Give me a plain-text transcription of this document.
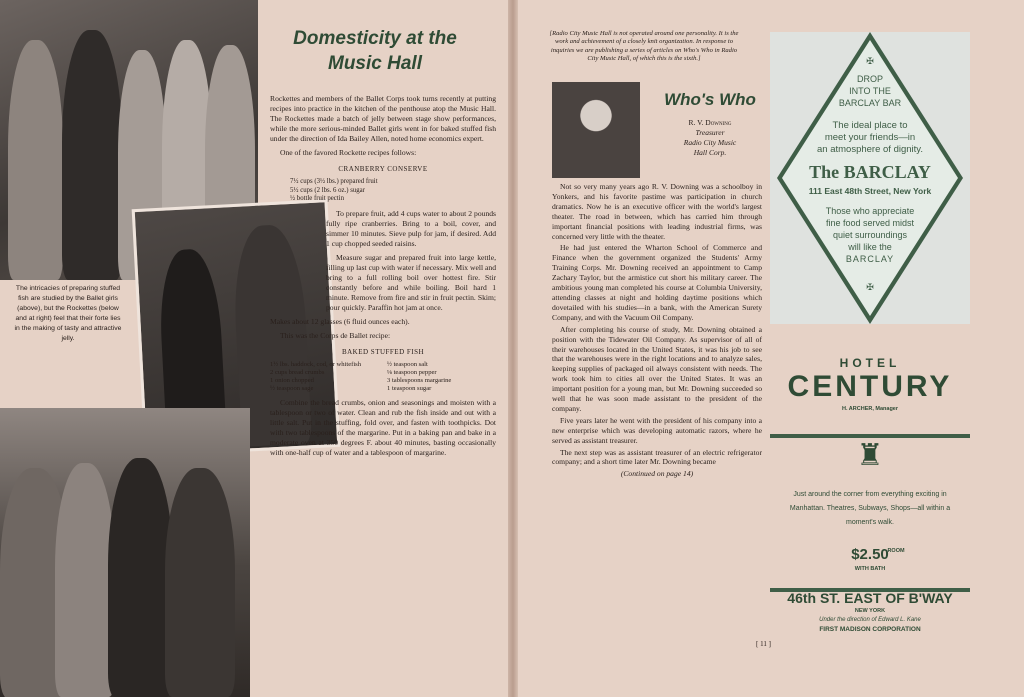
The intricacies of preparing stuffed fish are studied by the Ballet girls (above), but the Rockettes (below and at right) feel that their forte lies in the making of tasty and attractive jelly.
Domesticity at the
Music Hall

Rockettes and members of the Ballet Corps took turns recently at putting recipes into practice in the kitchen of the penthouse atop the Music Hall. The Rockettes made a batch of jelly between stage show performances, while the more serious-minded Ballet girls went in for baked stuffed fish under the direction of Ida Bailey Allen, noted home economics expert.

One of the favored Rockette recipes follows:

CRANBERRY CONSERVE
7½ cups (3½ lbs.) prepared fruit
5½ cups (2 lbs. 6 oz.) sugar
½ bottle fruit pectin

To prepare fruit, add 4 cups water to about 2 pounds fully ripe cranberries. Bring to a boil, cover, and simmer 10 minutes. Sieve pulp for jam, if desired. Add 1 cup chopped seeded raisins.

Measure sugar and prepared fruit into large kettle, filling up last cup with water if necessary. Mix well and bring to a full rolling boil over hottest fire. Stir constantly before and while boiling. Boil hard 1 minute. Remove from fire and stir in fruit pectin. Skim; pour quickly. Paraffin hot jam at once.

Makes about 12 glasses (6 fluid ounces each).

This was the Corps de Ballet recipe:

BAKED STUFFED FISH
1½ lbs. haddock, cod, or whitefish
2 cups bread crumbs
1 onion chopped
½ teaspoon sage
½ teaspoon salt
⅛ teaspoon pepper
3 tablespoons margarine
1 teaspoon sugar

Combine the bread crumbs, onion and seasonings and moisten with a tablespoon or two of water. Clean and rub the fish inside and out with a little salt. Put in the stuffing, fold over, and fasten with toothpicks. Dot with two tablespoons of the margarine. Put in a baking pan and bake in a moderate oven at 350 degrees F. about 40 minutes, basting occasionally with one-half cup of water and a tablespoon of margarine.

[Radio City Music Hall is not operated around one personality. It is the work and achievement of a closely knit organization. In response to inquiries we are publishing a series of articles on Who's Who in Radio City Music Hall, of which this is the sixth.]
Who's Who
R. V. Downing
Treasurer
Radio City Music
Hall Corp.

Not so very many years ago R. V. Downing was a schoolboy in Yonkers, and his favorite pastime was participation in church dramatics. Now he is an executive officer with the world's largest theater. The road in between, which has carried him through important financial positions with leading industrial firms, was concerned very little with the theater.

He had just entered the Wharton School of Commerce and Finance when the government organized the Students' Army Training Corps. Mr. Downing received an appointment to Camp Zachary Taylor, but the armistice cut short his military career. The ambitious young man completed his course at Columbia University, attending classes at night and holding daytime positions which dovetailed with his studies—in a bank, with the American Surety Company, and with the Vacuum Oil Company.

After completing his course of study, Mr. Downing obtained a position with the Tidewater Oil Company. As supervisor of all of their warehouses located in the United States, it was his job to see that the warehouses were in the right locations and to analyze sales, keeping supplies of packaged oil always consistent with needs. The work took him to cities all over the United States. It was an important position for a young man, but Mr. Downing succeeded so well that he was soon made assistant to the president of the company.

Five years later he went with the president of his company into a new enterprise which was developing automatic razors, where he served as assistant treasurer.

The next step was as assistant treasurer of an electric refrigerator company; and a short time later Mr. Downing became

(Continued on page 14)
[ 11 ]
✠
DROP
INTO THE
BARCLAY BAR
The ideal place to
meet your friends—in
an atmosphere of dignity.
The BARCLAY
111 East 48th Street, New York
Those who appreciate
fine food served midst
quiet surroundings
will like the
BARCLAY
✠
HOTEL
CENTURY
H. ARCHER, Manager
♜
Just around the corner from everything exciting in Manhattan. Theatres, Subways, Shops—all within a moment's walk.
$2.50
ROOM
WITH BATH
46th ST. EAST OF B'WAY
NEW YORK
Under the direction of Edward L. Kane
FIRST MADISON CORPORATION
